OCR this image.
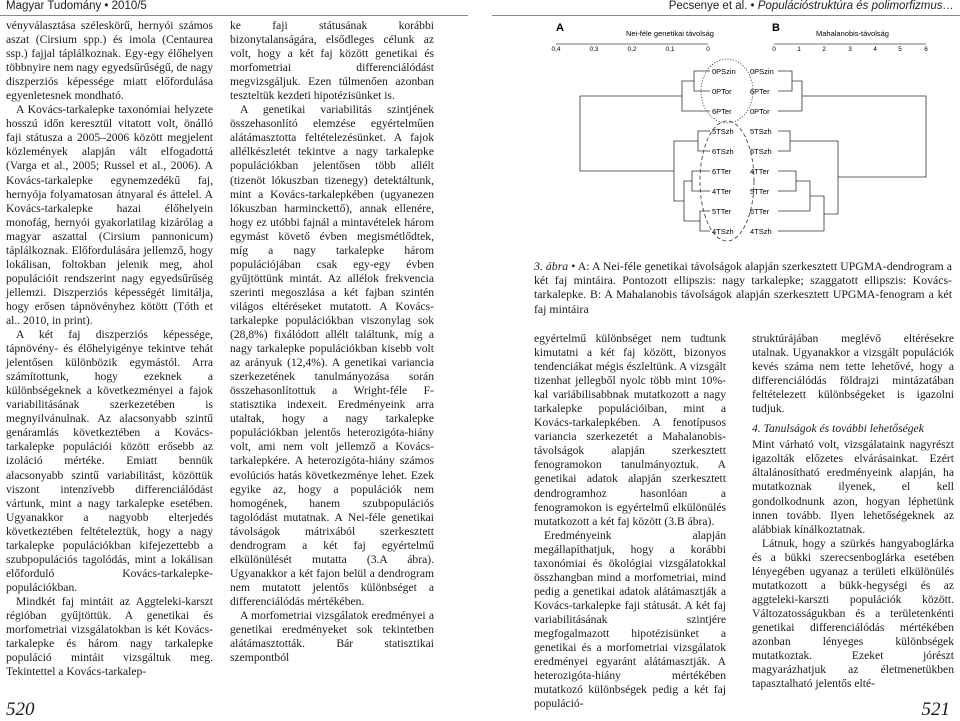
Magyar Tudomány • 2010/5	Pecsenye et al. • Populációstruktúra és polimorfizmus…

vényválasztása széleskörű, hernyói számos aszat (Cirsium spp.) és imola (Centaurea ssp.) fajjal táplálkoznak. Egy-egy élőhelyen többnyire nem nagy egyedsűrűségű, de nagy diszperziós képessége miatt előfordulása egyenletesnek mondható.

A Kovács-tarkalepke taxonómiai helyzete hosszú időn keresztül vitatott volt, önálló faji státusza a 2005–2006 között megjelent közlemények alapján vált elfogadottá (Varga et al., 2005; Russel et al., 2006). A Kovács-tarkalepke egynemzedékű faj, hernyója folyamatosan átnyaral és áttelel. A Kovács-tarkalepke hazai élőhelyein monofág, hernyói gyakorlatilag kizárólag a magyar aszattal (Cirsium pannonicum) táplálkoznak. Előfordulására jellemző, hogy lokálisan, foltokban jelenik meg, ahol populációit rendszerint nagy egyedsűrűség jellemzi. Diszperziós képességét limitálja, hogy erősen tápnövényhez kötött (Tóth et al.. 2010, in print).

A két faj diszperziós képessége, tápnövény- és élőhelyigénye tekintve tehát jelentősen különbözik egymástól. Arra számítottunk, hogy ezeknek a különbségeknek a következményei a fajok variabilitásának szerkezetében is megnyilvánulnak. Az alacsonyabb szintű genáramlás következtében a Kovács-tarkalepke populációi között erősebb az izoláció mértéke. Emiatt bennük alacsonyabb szintű variabilitást, közöttük viszont intenzívebb differenciálódást vártunk, mint a nagy tarkalepke esetében. Ugyanakkor a nagyobb elterjedés következtében feltételeztük, hogy a nagy tarkalepke populációkban kifejezettebb a szubpopulációs tagolódás, mint a lokálisan előforduló Kovács-tarkalepke-populációkban.

Mindkét faj mintáit az Aggteleki-karszt régióban gyűjtöttük. A genetikai és morfometriai vizsgálatokban is két Kovács-tarkalepke és három nagy tarkalepke populáció mintáit vizsgáltuk meg. Tekintettel a Kovács-tarkalep-

ke faji státusának korábbi bizonytalanságára, elsődleges célunk az volt, hogy a két faj között genetikai és morfometriai differenciálódást megvizsgáljuk. Ezen túlmenően azonban teszteltük kezdeti hipotézisünket is.

A genetikai variabilitás szintjének összehasonlító elemzése egyértelműen alátámasztotta feltételezésünket. A fajok allélkészletét tekintve a nagy tarkalepke populációkban jelentősen több allélt (tizenöt lókuszban tizenegy) detektáltunk, mint a Kovács-tarkalepkében (ugyanezen lókuszban harminckettő), annak ellenére, hogy ez utóbbi fajnál a mintavételek három egymást követő évben megismétlődtek, míg a nagy tarkalepke három populációjában csak egy-egy évben gyűjtöttünk mintát. Az allélok frekvencia szerinti megoszlása a két fajban szintén világos eltéréseket mutatott. A Kovács-tarkalepke populációkban viszonylag sok (28,8%) fixálódott allélt találtunk, míg a nagy tarkalepke populációkban kisebb volt az arányuk (12,4%). A genetikai variancia szerkezetének tanulmányozása során összehasonlítottuk a Wright-féle F-statisztika indexeit. Eredményeink arra utaltak, hogy a nagy tarkalepke populációkban jelentős heterozigóta-hiány volt, ami nem volt jellemző a Kovács-tarkalepkére. A heterozigóta-hiány számos evolúciós hatás következménye lehet. Ezek egyike az, hogy a populációk nem homogének, hanem szubpopulációs tagolódást mutatnak. A Nei-féle genetikai távolságok mátrixából szerkesztett dendrogram a két faj egyértelmű elkülönülését mutatta (3.A ábra). Ugyanakkor a két fajon belül a dendrogram nem mutatott jelentős különbséget a differenciálódás mértékében.

A morfometriai vizsgálatok eredményei a genetikai eredményeket sok tekintetben alátámasztották. Bár statisztikai szempontból

A	Nei-féle genetikai távolság
0,4	0,3	0,2	0,1	0
0PSzin
0PTor
6PTer
5TSzh
6TSzh
6TTer
4TTer
5TTer
4TSzh
B	Mahalanobis-távolság
0	1	2	3	4	5	6
0PSzin
6PTer
0PTor
5TSzh
6TSzh
4TTer
5TTer
6TTer
4TSzh
3. ábra • A: A Nei-féle genetikai távolságok alapján szerkesztett UPGMA-dendrogram a két faj mintáira. Pontozott ellipszis: nagy tarkalepke; szaggatott ellipszis: Kovács-tarkalepke. B: A Mahalanobis távolságok alapján szerkesztett UPGMA-fenogram a két faj mintáira

egyértelmű különbséget nem tudtunk kimutatni a két faj között, bizonyos tendenciákat mégis észleltünk. A vizsgált tizenhat jellegből nyolc több mint 10%-kal variábilisabbnak mutatkozott a nagy tarkalepke populációiban, mint a Kovács-tarkalepkében. A fenotípusos variancia szerkezetét a Mahalanobis-távolságok alapján szerkesztett fenogramokon tanulmányoztuk. A genetikai adatok alapján szerkesztett dendrogramhoz hasonlóan a fenogramokon is egyértelmű elkülönülés mutatkozott a két faj között (3.B ábra).

Eredményeink alapján megállapíthatjuk, hogy a korábbi taxonómiai és ökológiai vizsgálatokkal összhangban mind a morfometriai, mind pedig a genetikai adatok alátámasztják a Kovács-tarkalepke faji státusát. A két faj variabilitásának szintjére megfogalmazott hipotézisünket a genetikai és a morfometriai vizsgálatok eredményei egyaránt alátámasztják. A heterozigóta-hiány mértékében mutatkozó különbségek pedig a két faj populáció-

struktúrájában meglévő eltérésekre utalnak. Ugyanakkor a vizsgált populációk kevés száma nem tette lehetővé, hogy a differenciálódás földrajzi mintázatában feltételezett különbségeket is igazolni tudjuk.

4. Tanulságok és további lehetőségek

Mint várható volt, vizsgálataink nagyrészt igazolták előzetes elvárásainkat. Ezért általánosítható eredményeink alapján, ha mutatkoznak ilyenek, el kell gondolkodnunk azon, hogyan léphetünk innen tovább. Ilyen lehetőségeknek az alábbiak kínálkoztatnak.

Látnuk, hogy a szürkés hangyaboglárka és a bükki szerecsenboglárka esetében lényegében ugyanaz a területi elkülönülés mutatkozott a bükk-hegységi és az aggteleki-karszti populációk között. Változatosságukban és a területenkénti genetikai differenciálódás mértékében azonban lényeges különbségek mutatkoztak. Ezeket jórészt magyarázhatjuk az életmenetükben tapasztalható jelentős elté-

520	521
